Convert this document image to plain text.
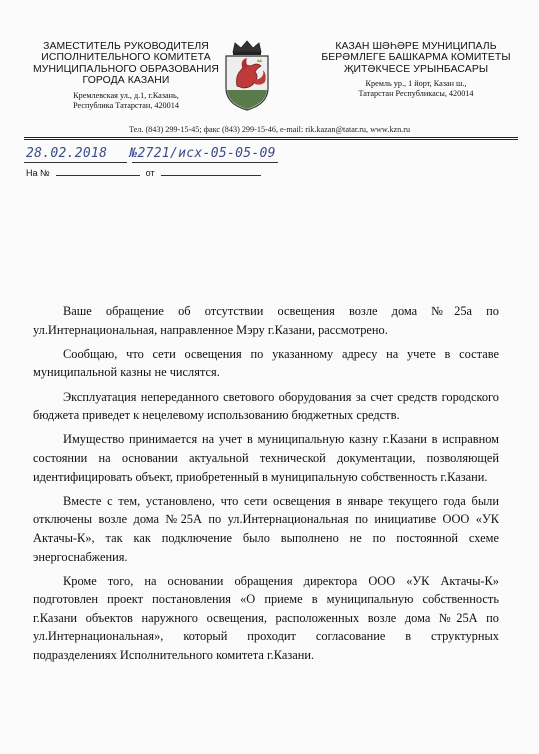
ЗАМЕСТИТЕЛЬ РУКОВОДИТЕЛЯ ИСПОЛНИТЕЛЬНОГО КОМИТЕТА МУНИЦИПАЛЬНОГО ОБРАЗОВАНИЯ ГОРОДА КАЗАНИ
Кремлевская ул., д.1, г.Казань,
Республика Татарстан, 420014
КАЗАН ШӘҺӘРЕ МУНИЦИПАЛЬ БЕРӘМЛЕГЕ БАШКАРМА КОМИТЕТЫ ҖИТӘКЧЕСЕ УРЫНБАСАРЫ
Кремль ур., 1 йорт, Казан ш.,
Татарстан Республикасы, 420014
Тел. (843) 299-15-45; факс (843) 299-15-46, e-mail: rik.kazan@tatar.ru, www.kzn.ru
28.02.2018 №2721/исх-05-05-09
На №	от

Ваше обращение об отсутствии освещения возле дома №25а по ул.Интернациональная, направленное Мэру г.Казани, рассмотрено.

Сообщаю, что сети освещения по указанному адресу на учете в составе муниципальной казны не числятся.

Эксплуатация непереданного светового оборудования за счет средств городского бюджета приведет к нецелевому использованию бюджетных средств.

Имущество принимается на учет в муниципальную казну г.Казани в исправном состоянии на основании актуальной технической документации, позволяющей идентифицировать объект, приобретенный в муниципальную собственность г.Казани.

Вместе с тем, установлено, что сети освещения в январе текущего года были отключены возле дома №25А по ул.Интернациональная по инициативе ООО «УК Актачы-К», так как подключение было выполнено не по постоянной схеме энергоснабжения.

Кроме того, на основании обращения директора ООО «УК Актачы-К» подготовлен проект постановления «О приеме в муниципальную собственность г.Казани объектов наружного освещения, расположенных возле дома №25А по ул.Интернациональная», который проходит согласование в структурных подразделениях Исполнительного комитета г.Казани.
